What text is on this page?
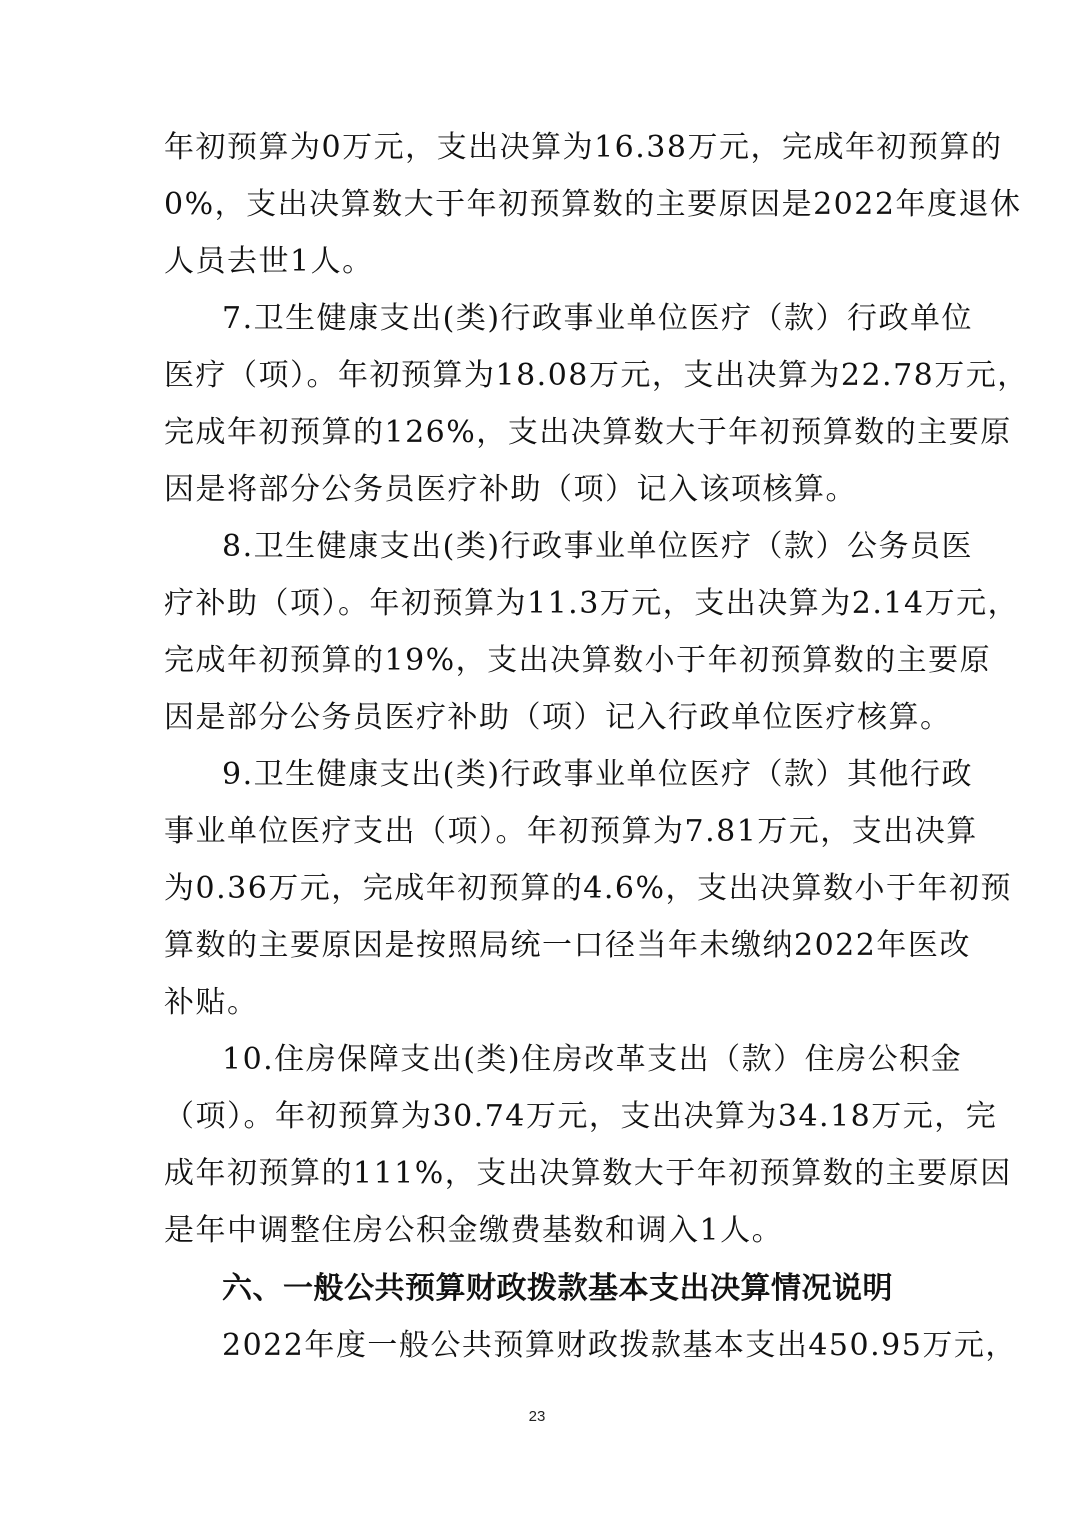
年初预算为0万元，支出决算为16.38万元，完成年初预算的
0%，支出决算数大于年初预算数的主要原因是2022年度退休
人员去世1人。
7.卫生健康支出(类)行政事业单位医疗（款）行政单位
医疗（项）。年初预算为18.08万元，支出决算为22.78万元，
完成年初预算的126%，支出决算数大于年初预算数的主要原
因是将部分公务员医疗补助（项）记入该项核算。
8.卫生健康支出(类)行政事业单位医疗（款）公务员医
疗补助（项）。年初预算为11.3万元，支出决算为2.14万元，
完成年初预算的19%，支出决算数小于年初预算数的主要原
因是部分公务员医疗补助（项）记入行政单位医疗核算。
9.卫生健康支出(类)行政事业单位医疗（款）其他行政
事业单位医疗支出（项）。年初预算为7.81万元，支出决算
为0.36万元，完成年初预算的4.6%，支出决算数小于年初预
算数的主要原因是按照局统一口径当年未缴纳2022年医改
补贴。
10.住房保障支出(类)住房改革支出（款）住房公积金
（项）。年初预算为30.74万元，支出决算为34.18万元，完
成年初预算的111%，支出决算数大于年初预算数的主要原因
是年中调整住房公积金缴费基数和调入1人。
六、一般公共预算财政拨款基本支出决算情况说明
2022年度一般公共预算财政拨款基本支出450.95万元，
23
